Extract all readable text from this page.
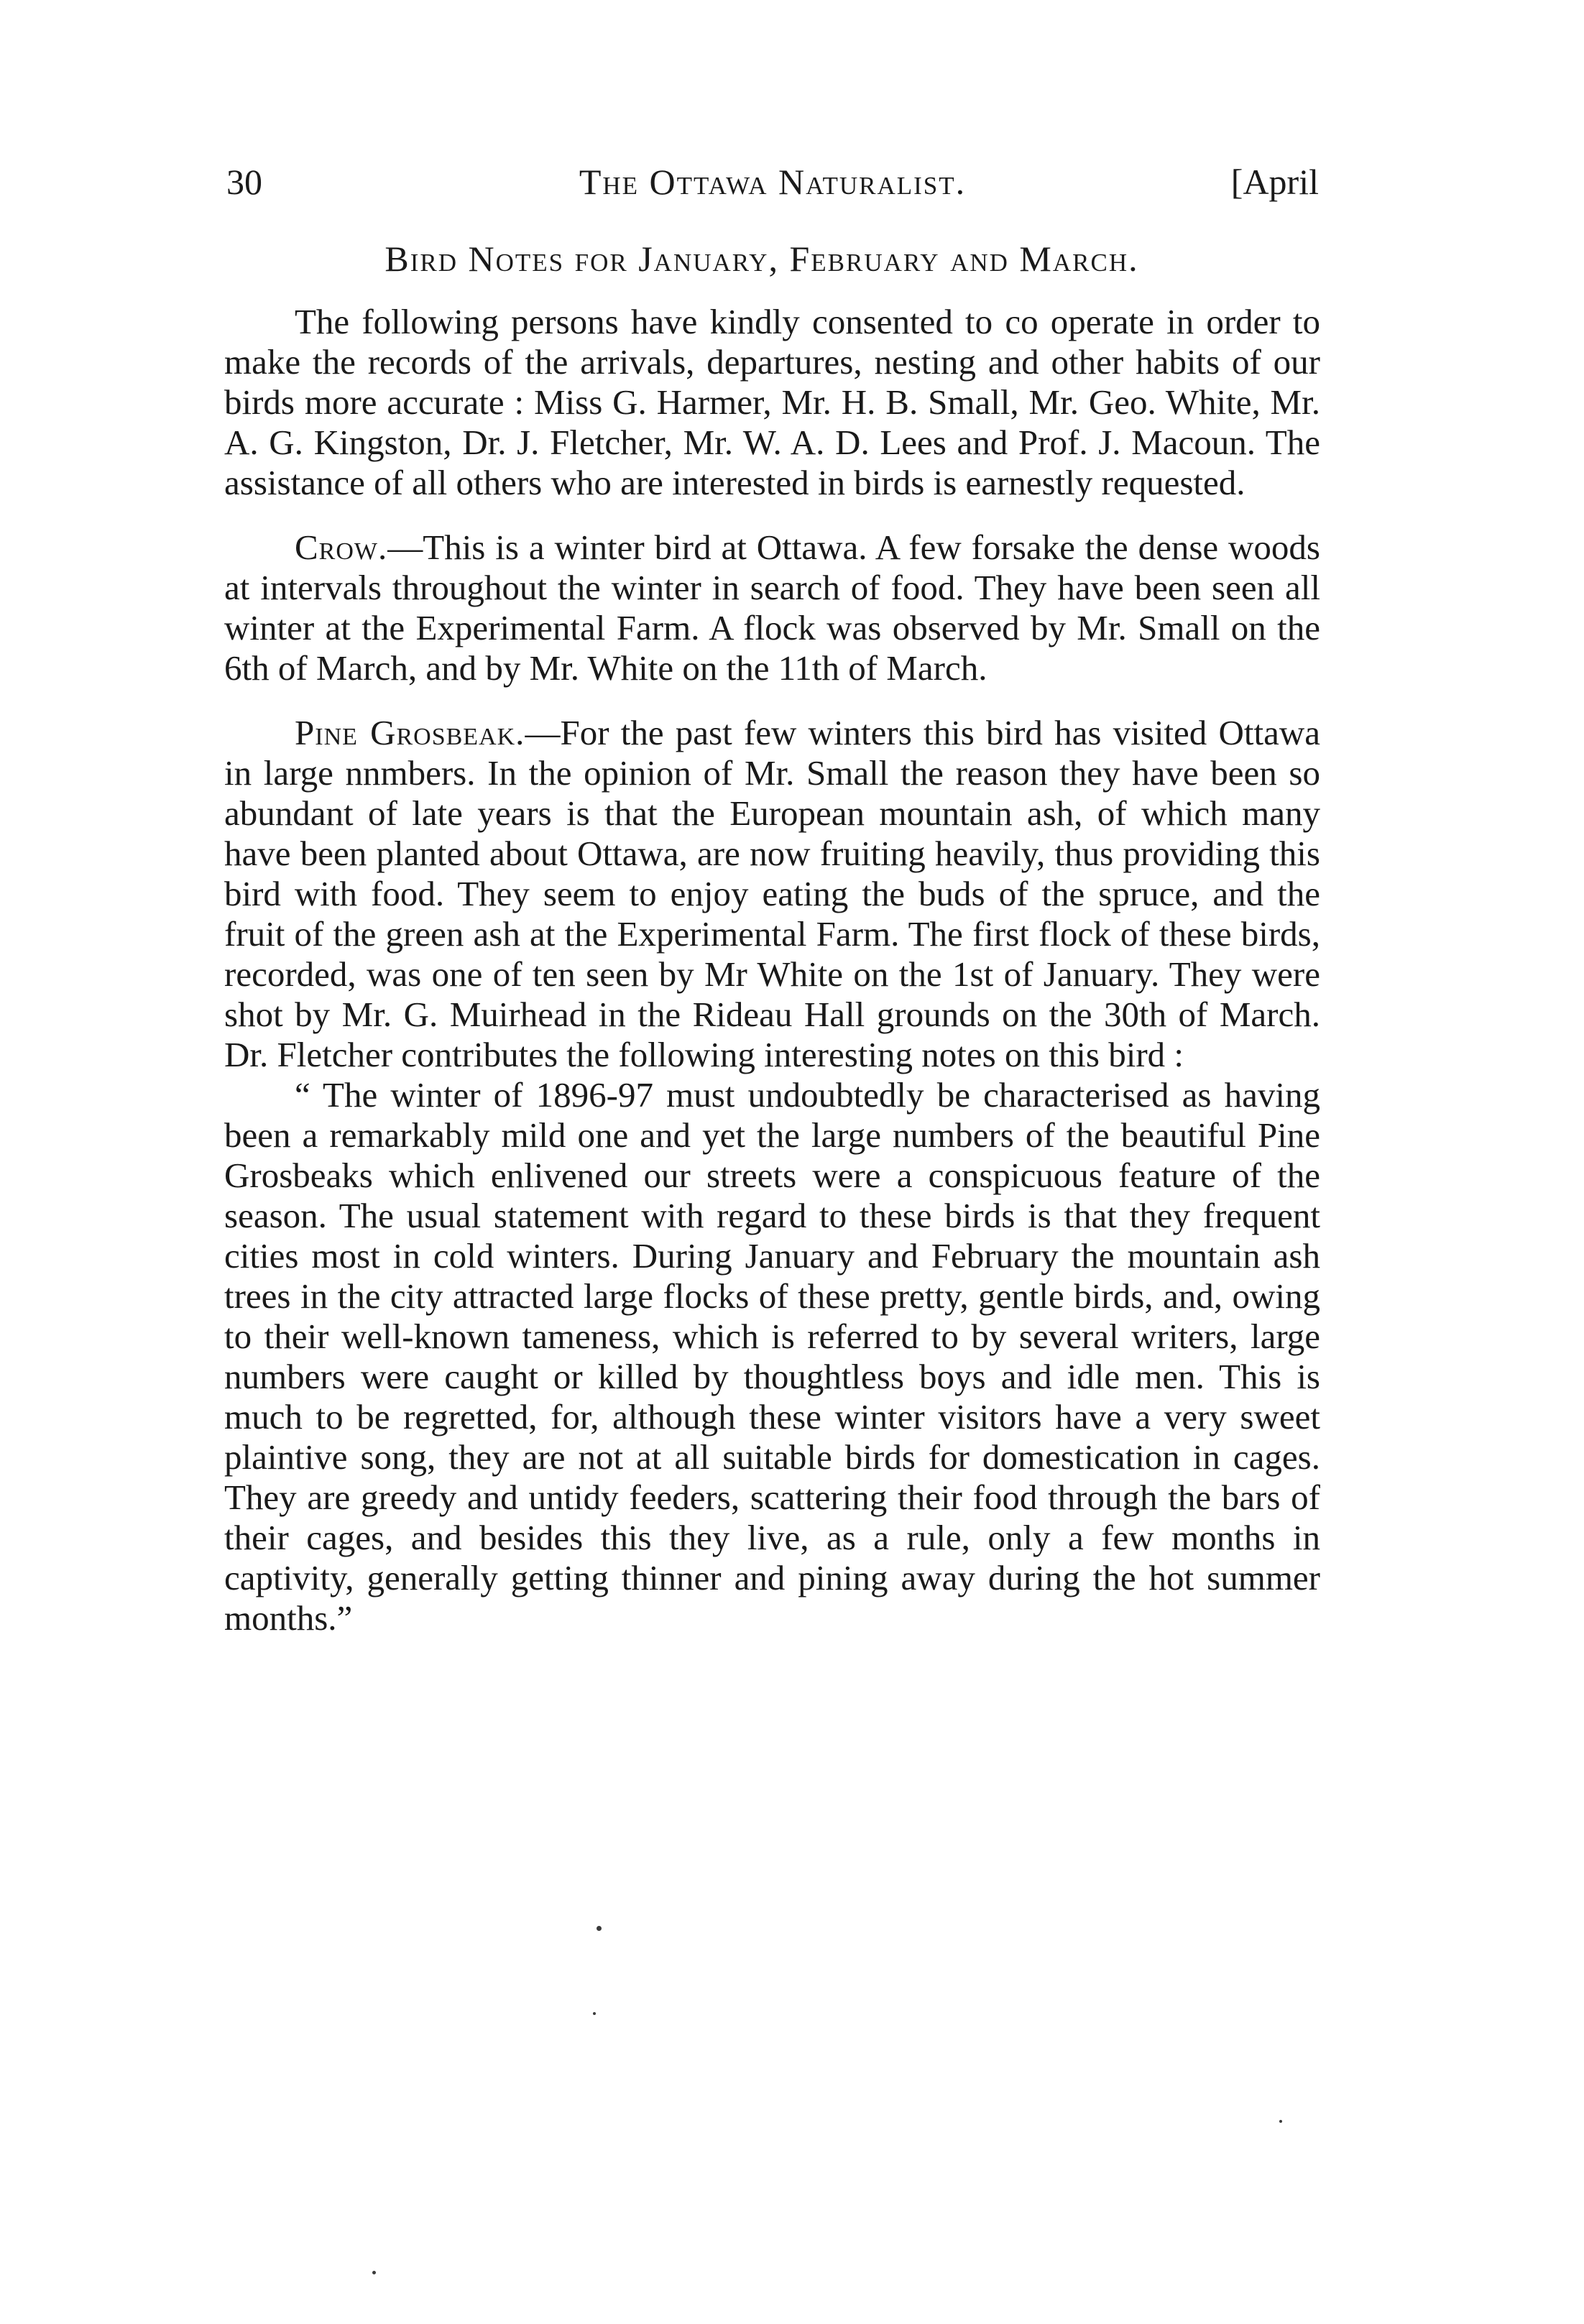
30	The Ottawa Naturalist.	[April
Bird Notes for January, February and March.

The following persons have kindly consented to co operate in order to make the records of the arrivals, departures, nesting and other habits of our birds more accurate : Miss G. Harmer, Mr. H. B. Small, Mr. Geo. White, Mr. A. G. Kingston, Dr. J. Fletcher, Mr. W. A. D. Lees and Prof. J. Macoun. The assistance of all others who are interested in birds is earnestly requested.

Crow.—This is a winter bird at Ottawa. A few forsake the dense woods at intervals throughout the winter in search of food. They have been seen all winter at the Experimental Farm. A flock was observed by Mr. Small on the 6th of March, and by Mr. White on the 11th of March.

Pine Grosbeak.—For the past few winters this bird has visited Ottawa in large nnmbers. In the opinion of Mr. Small the reason they have been so abundant of late years is that the European mountain ash, of which many have been planted about Ottawa, are now fruiting heavily, thus providing this bird with food. They seem to enjoy eating the buds of the spruce, and the fruit of the green ash at the Experimental Farm. The first flock of these birds, recorded, was one of ten seen by Mr White on the 1st of January. They were shot by Mr. G. Muirhead in the Rideau Hall grounds on the 30th of March. Dr. Fletcher contributes the following interesting notes on this bird :

“ The winter of 1896-97 must undoubtedly be characterised as having been a remarkably mild one and yet the large numbers of the beautiful Pine Grosbeaks which enlivened our streets were a conspicuous feature of the season. The usual statement with regard to these birds is that they frequent cities most in cold winters. During January and February the mountain ash trees in the city attracted large flocks of these pretty, gentle birds, and, owing to their well-known tameness, which is referred to by several writers, large numbers were caught or killed by thoughtless boys and idle men. This is much to be regretted, for, although these winter visitors have a very sweet plaintive song, they are not at all suitable birds for domestication in cages. They are greedy and untidy feeders, scattering their food through the bars of their cages, and besides this they live, as a rule, only a few months in captivity, generally getting thinner and pining away during the hot summer months.”
